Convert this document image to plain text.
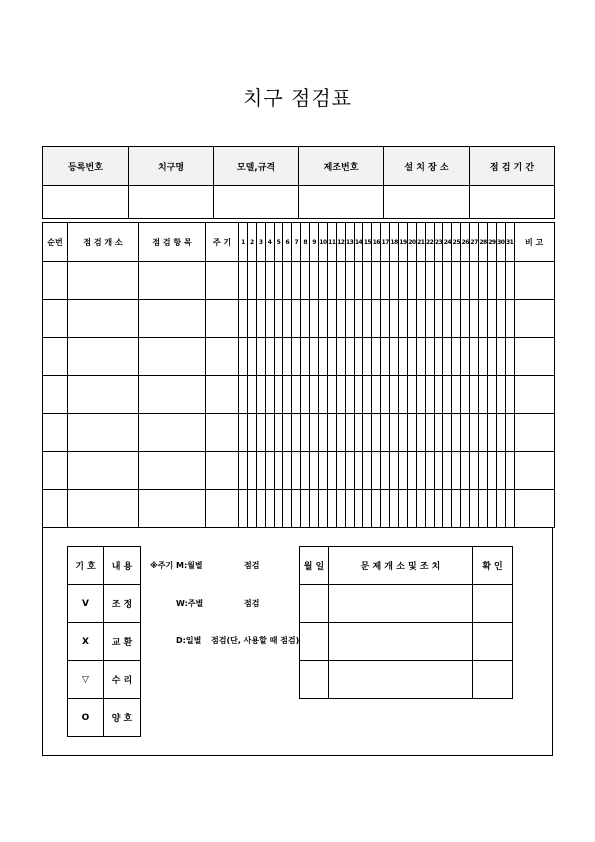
치구 점검표
등록번호	치구명	모델,규격	제조번호	설 치 장 소	점 검 기 간

순번	점 검 개 소	점 검 항 목	주 기	1	2	3	4	5	6	7	8	9	10	11	12	13	14	15	16	17	18	19	20	21	22	23	24	25	26	27	28	29	30	31	비 고

기 호	내 용
V	조 정
X	교 환
▽	수 리
O	양 호
※주기 M:월별	점검
W:주별	점검
D:일별 점검(단, 사용할 때 점검)
월 일	문 제 개 소 및 조 치	확 인
